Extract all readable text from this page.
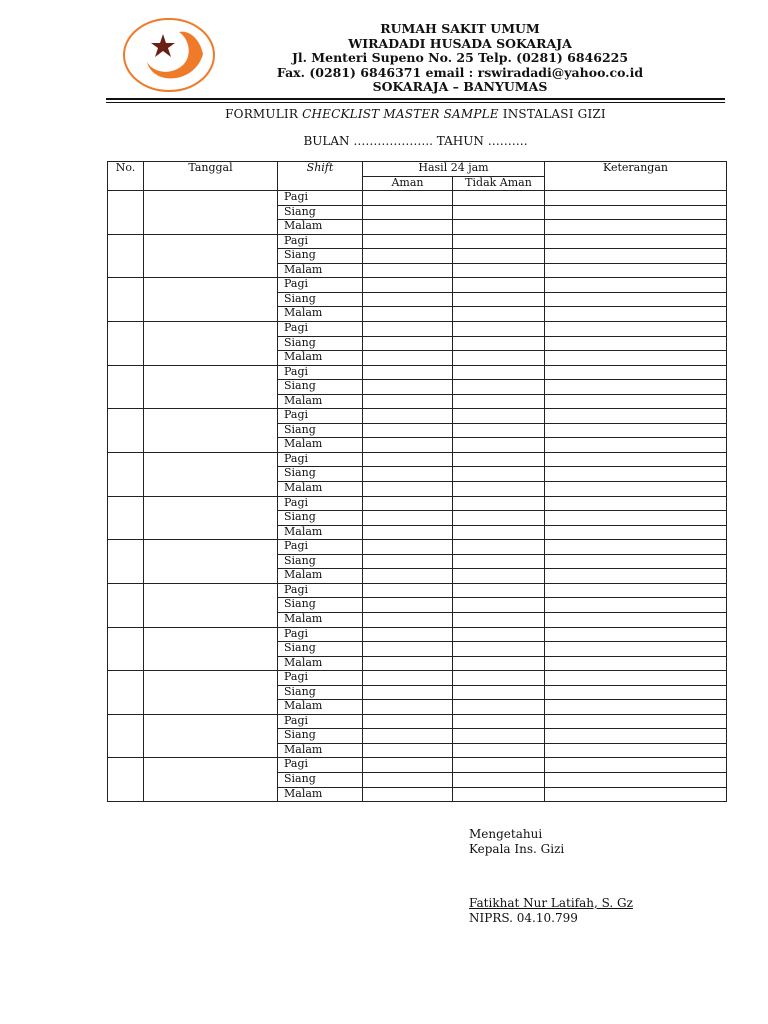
RUMAH SAKIT UMUM
WIRADADI HUSADA SOKARAJA
Jl. Menteri Supeno No. 25 Telp. (0281) 6846225
Fax. (0281) 6846371 email : rswiradadi@yahoo.co.id
SOKARAJA – BANYUMAS
FORMULIR CHECKLIST MASTER SAMPLE INSTALASI GIZI
BULAN ……………….. TAHUN ……….
No.	Tanggal	Shift	Hasil 24 jam		Keterangan
			Aman	Tidak Aman	
		Pagi			
		Siang			
		Malam			
		Pagi			
		Siang			
		Malam			
		Pagi			
		Siang			
		Malam			
		Pagi			
		Siang			
		Malam			
		Pagi			
		Siang			
		Malam			
		Pagi			
		Siang			
		Malam			
		Pagi			
		Siang			
		Malam			
		Pagi			
		Siang			
		Malam			
		Pagi			
		Siang			
		Malam			
		Pagi			
		Siang			
		Malam			
		Pagi			
		Siang			
		Malam			
		Pagi			
		Siang			
		Malam			
		Pagi			
		Siang			
		Malam			
		Pagi			
		Siang			
		Malam			
Mengetahui
Kepala Ins. Gizi
Fatikhat Nur Latifah, S. Gz
NIPRS. 04.10.799
